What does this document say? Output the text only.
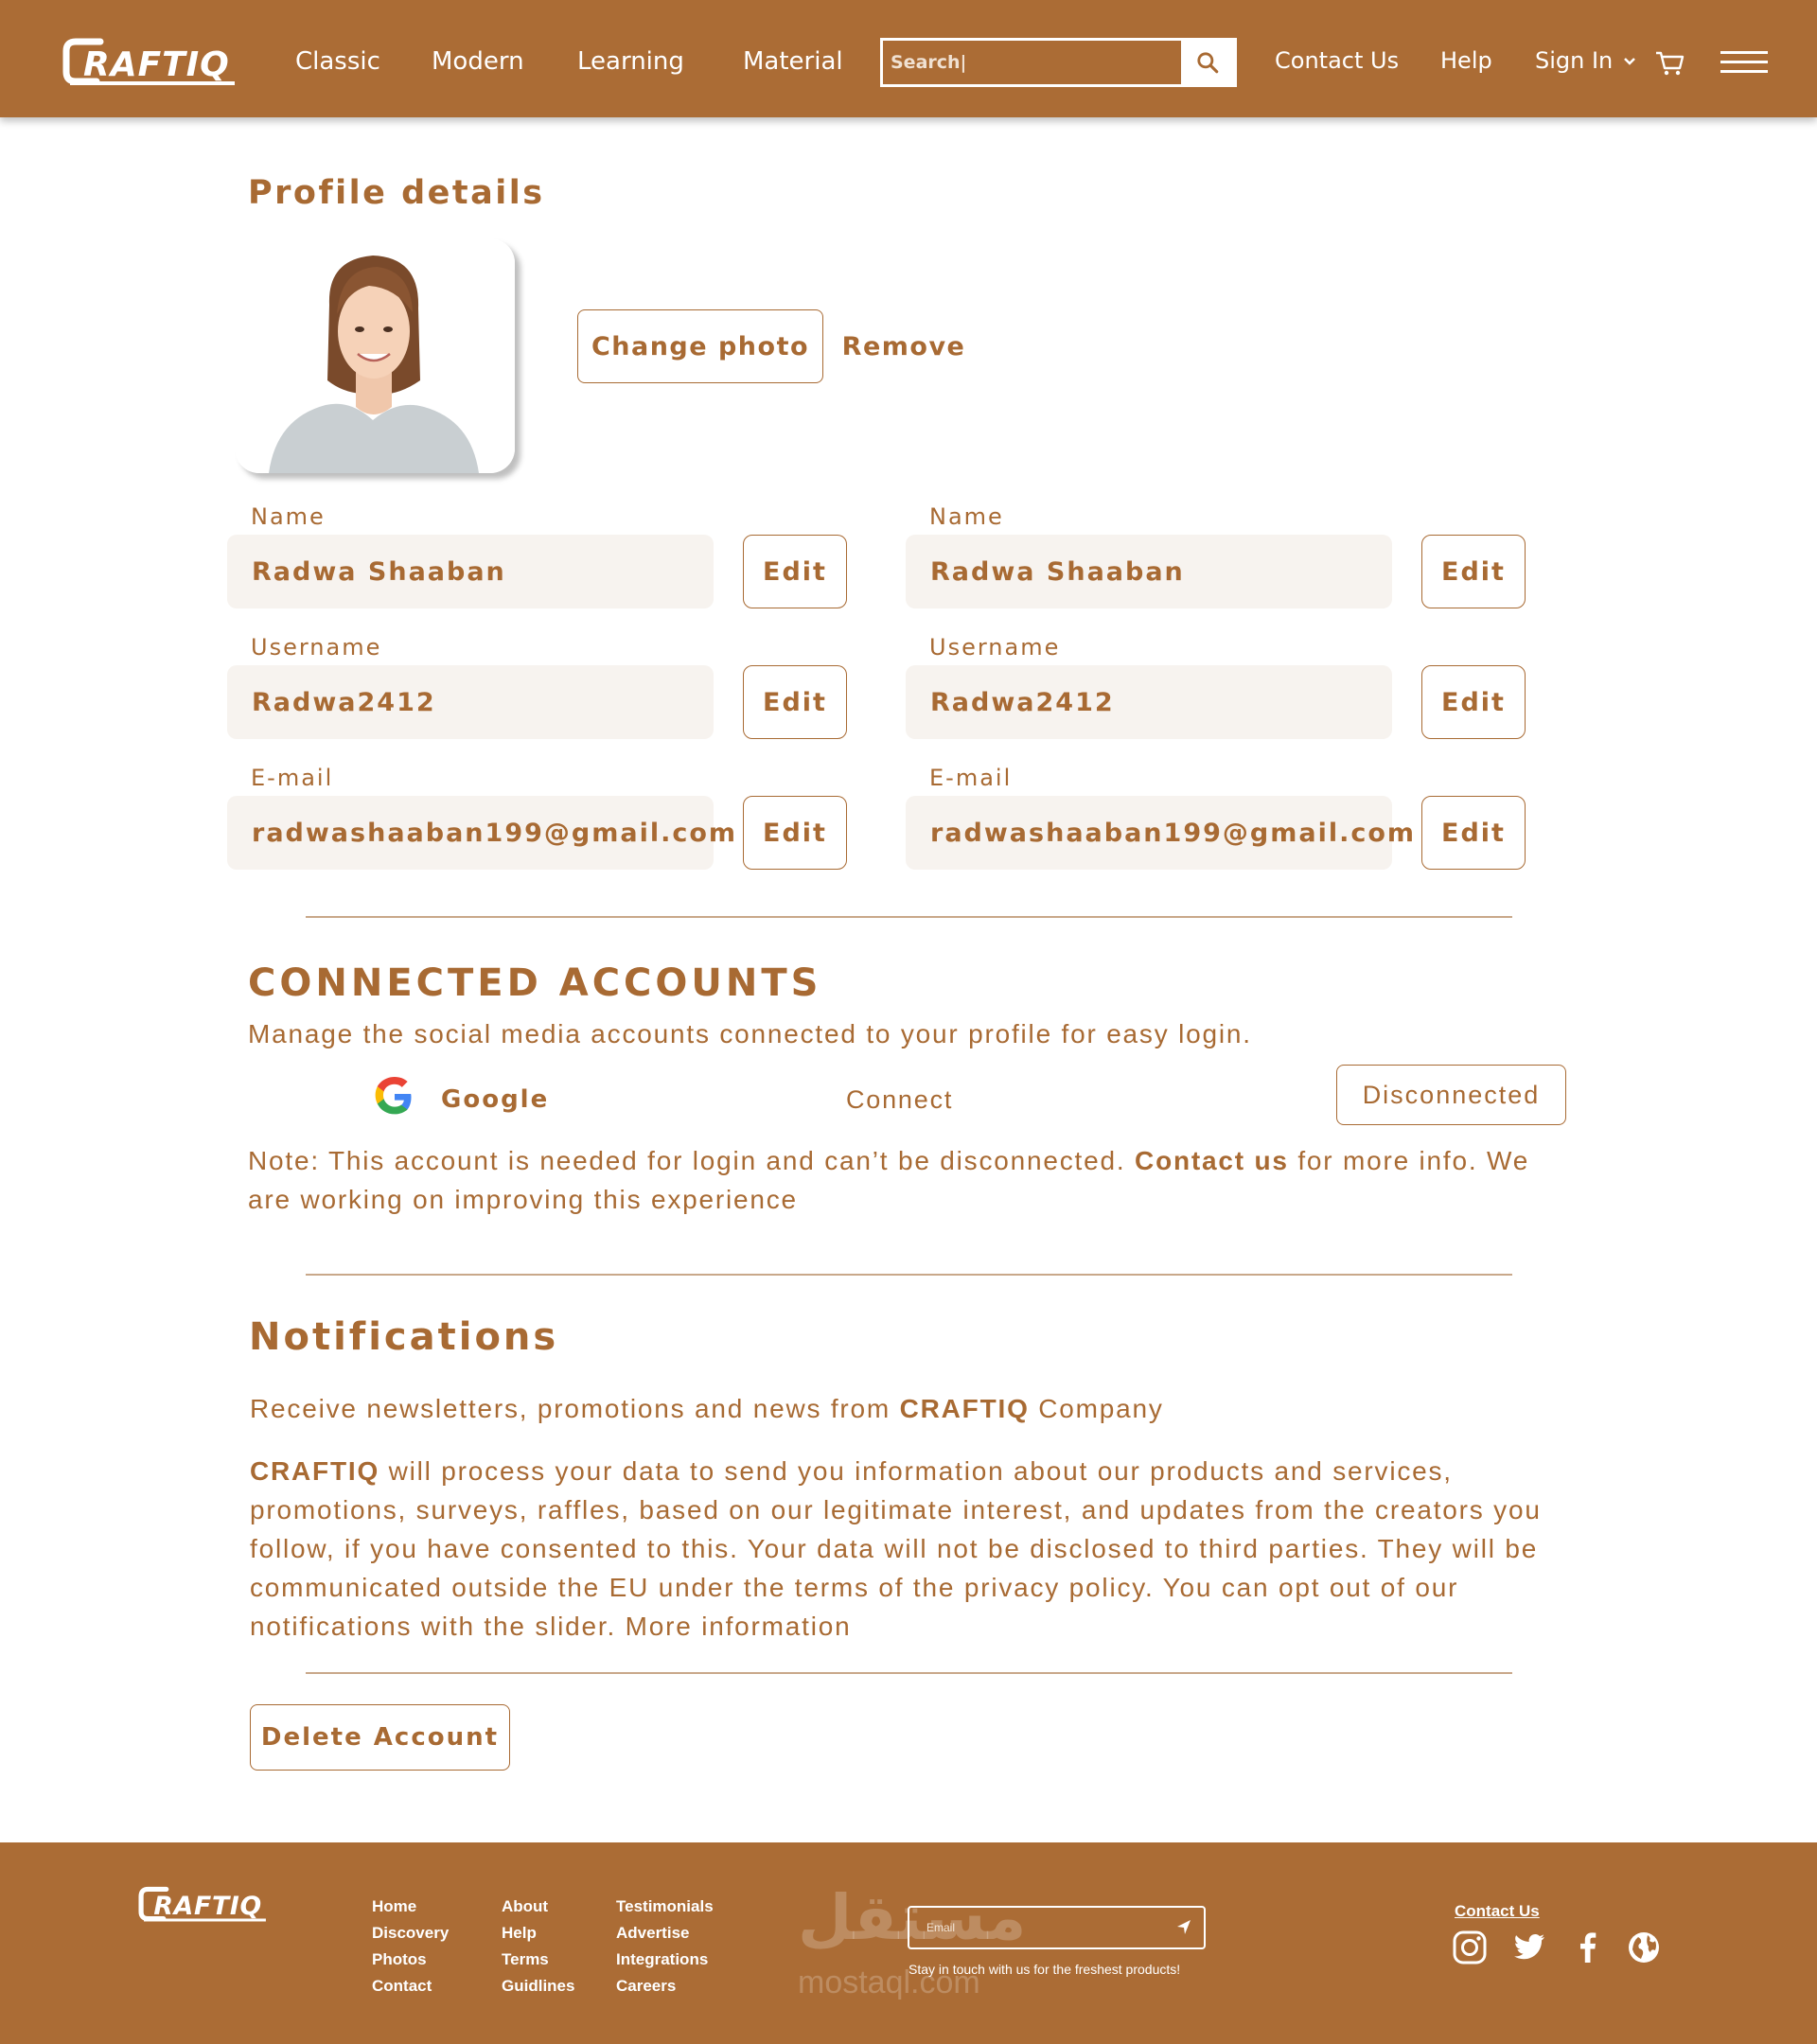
RAFTIQ	Classic Modern Learning Material
Search|	Contact Us Help Sign In
Profile details
Change photo	Remove
Name
Radwa Shaaban	Edit
Username
Radwa2412	Edit
E-mail
radwashaaban199@gmail.com	Edit
Name
Radwa Shaaban	Edit
Username
Radwa2412	Edit
E-mail
radwashaaban199@gmail.com	Edit
CONNECTED ACCOUNTS
Manage the social media accounts connected to your profile for easy login.
Google	Connect	Disconnected
Note: This account is needed for login and can’t be disconnected. Contact us for more info. We are working on improving this experience
Notifications
Receive newsletters, promotions and news from CRAFTIQ Company
CRAFTIQ will process your data to send you information about our products and services, promotions, surveys, raffles, based on our legitimate interest, and updates from the creators you follow, if you have consented to this. Your data will not be disclosed to third parties. They will be communicated outside the EU under the terms of the privacy policy. You can opt out of our notifications with the slider. More information
Delete Account
RAFTIQ	Home
Discovery
Photos
Contact
About
Help
Terms
Guidlines
Testimonials
Advertise
Integrations
Careers
مستقل
mostaql.com
Email
Stay in touch with us for the freshest products!
Contact Us
